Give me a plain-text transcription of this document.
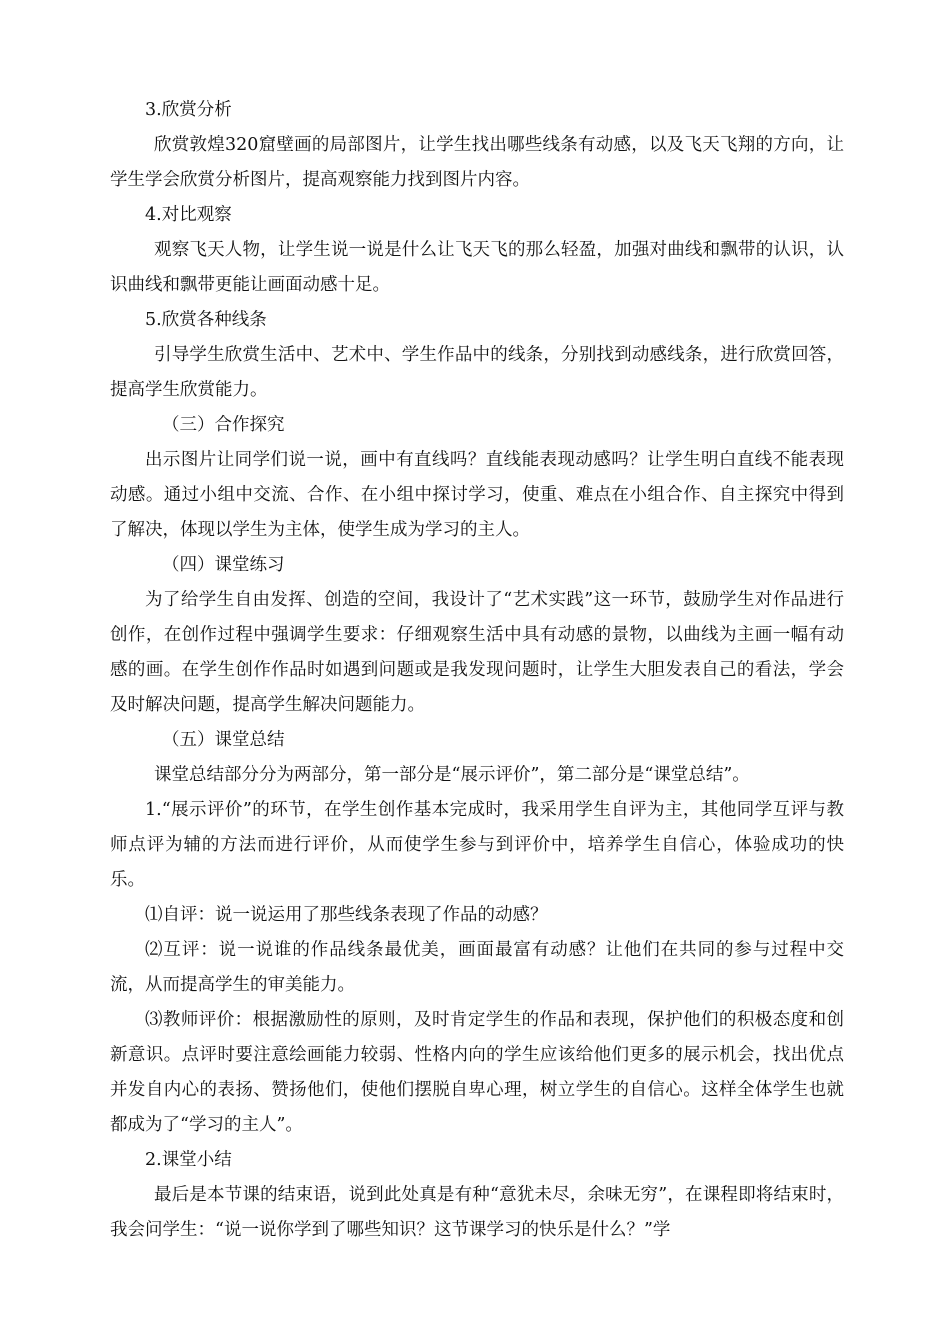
3.欣赏分析

欣赏敦煌320窟壁画的局部图片，让学生找出哪些线条有动感，以及飞天飞翔的方向，让学生学会欣赏分析图片，提高观察能力找到图片内容。

4.对比观察

观察飞天人物，让学生说一说是什么让飞天飞的那么轻盈，加强对曲线和飘带的认识，认识曲线和飘带更能让画面动感十足。

5.欣赏各种线条

引导学生欣赏生活中、艺术中、学生作品中的线条，分别找到动感线条，进行欣赏回答，提高学生欣赏能力。

（三）合作探究

出示图片让同学们说一说，画中有直线吗？直线能表现动感吗？让学生明白直线不能表现动感。通过小组中交流、合作、在小组中探讨学习，使重、难点在小组合作、自主探究中得到了解决，体现以学生为主体，使学生成为学习的主人。

（四）课堂练习

为了给学生自由发挥、创造的空间，我设计了“艺术实践”这一环节，鼓励学生对作品进行创作，在创作过程中强调学生要求：仔细观察生活中具有动感的景物，以曲线为主画一幅有动感的画。在学生创作作品时如遇到问题或是我发现问题时，让学生大胆发表自己的看法，学会及时解决问题，提高学生解决问题能力。

（五）课堂总结

课堂总结部分分为两部分，第一部分是“展示评价”，第二部分是“课堂总结”。

1.“展示评价”的环节，在学生创作基本完成时，我采用学生自评为主，其他同学互评与教师点评为辅的方法而进行评价，从而使学生参与到评价中，培养学生自信心，体验成功的快乐。

⑴自评：说一说运用了那些线条表现了作品的动感？

⑵互评：说一说谁的作品线条最优美，画面最富有动感？让他们在共同的参与过程中交流，从而提高学生的审美能力。

⑶教师评价：根据激励性的原则，及时肯定学生的作品和表现，保护他们的积极态度和创新意识。点评时要注意绘画能力较弱、性格内向的学生应该给他们更多的展示机会，找出优点并发自内心的表扬、赞扬他们，使他们摆脱自卑心理，树立学生的自信心。这样全体学生也就都成为了“学习的主人”。

2.课堂小结

最后是本节课的结束语，说到此处真是有种“意犹未尽，余味无穷”，在课程即将结束时，我会问学生：“说一说你学到了哪些知识？这节课学习的快乐是什么？”学
